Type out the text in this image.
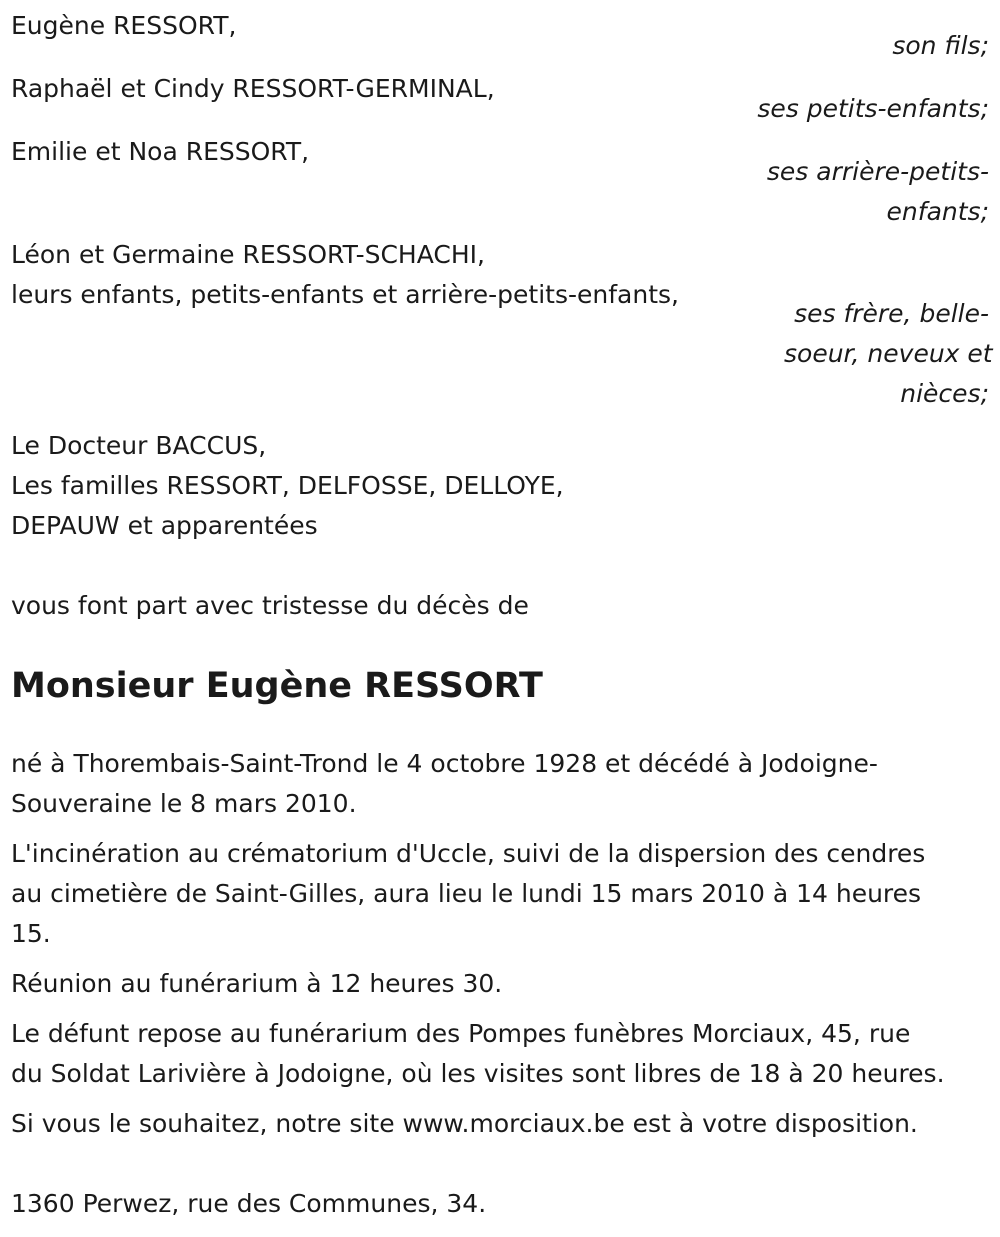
Eugène RESSORT,
son fils;
Raphaël et Cindy RESSORT-GERMINAL,
ses petits-enfants;
Emilie et Noa RESSORT,
ses arrière-petits-
enfants;
Léon et Germaine RESSORT-SCHACHI,
leurs enfants, petits-enfants et arrière-petits-enfants,
ses frère, belle-
soeur, neveux et
nièces;
Le Docteur BACCUS,
Les familles RESSORT, DELFOSSE, DELLOYE,
DEPAUW et apparentées

vous font part avec tristesse du décès de

Monsieur Eugène RESSORT
né à Thorembais-Saint-Trond le 4 octobre 1928 et décédé à Jodoigne-
Souveraine le 8 mars 2010.
L'incinération au crématorium d'Uccle, suivi de la dispersion des cendres
au cimetière de Saint-Gilles, aura lieu le lundi 15 mars 2010 à 14 heures
15.
Réunion au funérarium à 12 heures 30.
Le défunt repose au funérarium des Pompes funèbres Morciaux, 45, rue
du Soldat Larivière à Jodoigne, où les visites sont libres de 18 à 20 heures.
Si vous le souhaitez, notre site www.morciaux.be est à votre disposition.

1360 Perwez, rue des Communes, 34.
